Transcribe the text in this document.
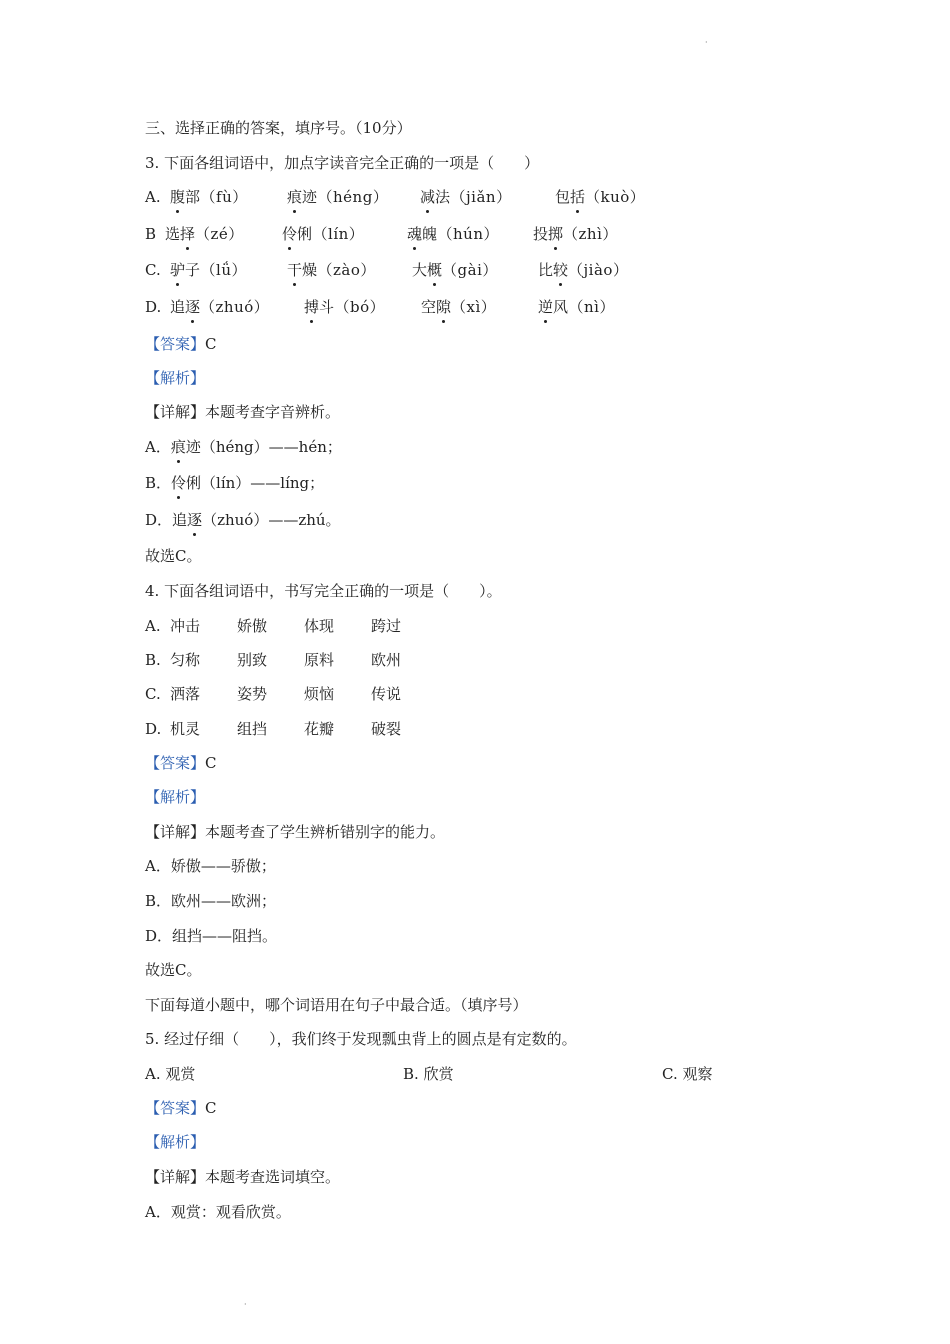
·
三、选择正确的答案，填序号。（10分）
3. 下面各组词语中，加点字读音完全正确的一项是（　　）
A. 腹部（fù）	痕迹（héng） 减法（jiǎn）	包括（kuò）
B 选择（zé）	伶俐（lín）	魂魄（hún） 投掷（zhì）
C. 驴子（lǘ）	干燥（zào） 大概（gài）	比较（jiào）
D. 追逐（zhuó） 搏斗（bó） 空隙（xì）	逆风（nì）
【答案】C
【解析】
【详解】本题考查字音辨析。
A．痕迹（héng）——hén；
B．伶俐（lín）——líng；
D．追逐（zhuó）——zhú。
故选C。
4. 下面各组词语中，书写完全正确的一项是（　　）。
A. 冲击 娇傲 体现 跨过
B. 匀称 别致 原料 欧州
C. 洒落 姿势 烦恼 传说
D. 机灵 组挡 花瓣 破裂
【答案】C
【解析】
【详解】本题考查了学生辨析错别字的能力。
A．娇傲——骄傲；
B．欧州——欧洲；
D．组挡——阻挡。
故选C。
下面每道小题中，哪个词语用在句子中最合适。（填序号）
5. 经过仔细（　　），我们终于发现瓢虫背上的圆点是有定数的。
A. 观赏	B. 欣赏	C. 观察
【答案】C
【解析】
【详解】本题考查选词填空。
A．观赏：观看欣赏。
·
